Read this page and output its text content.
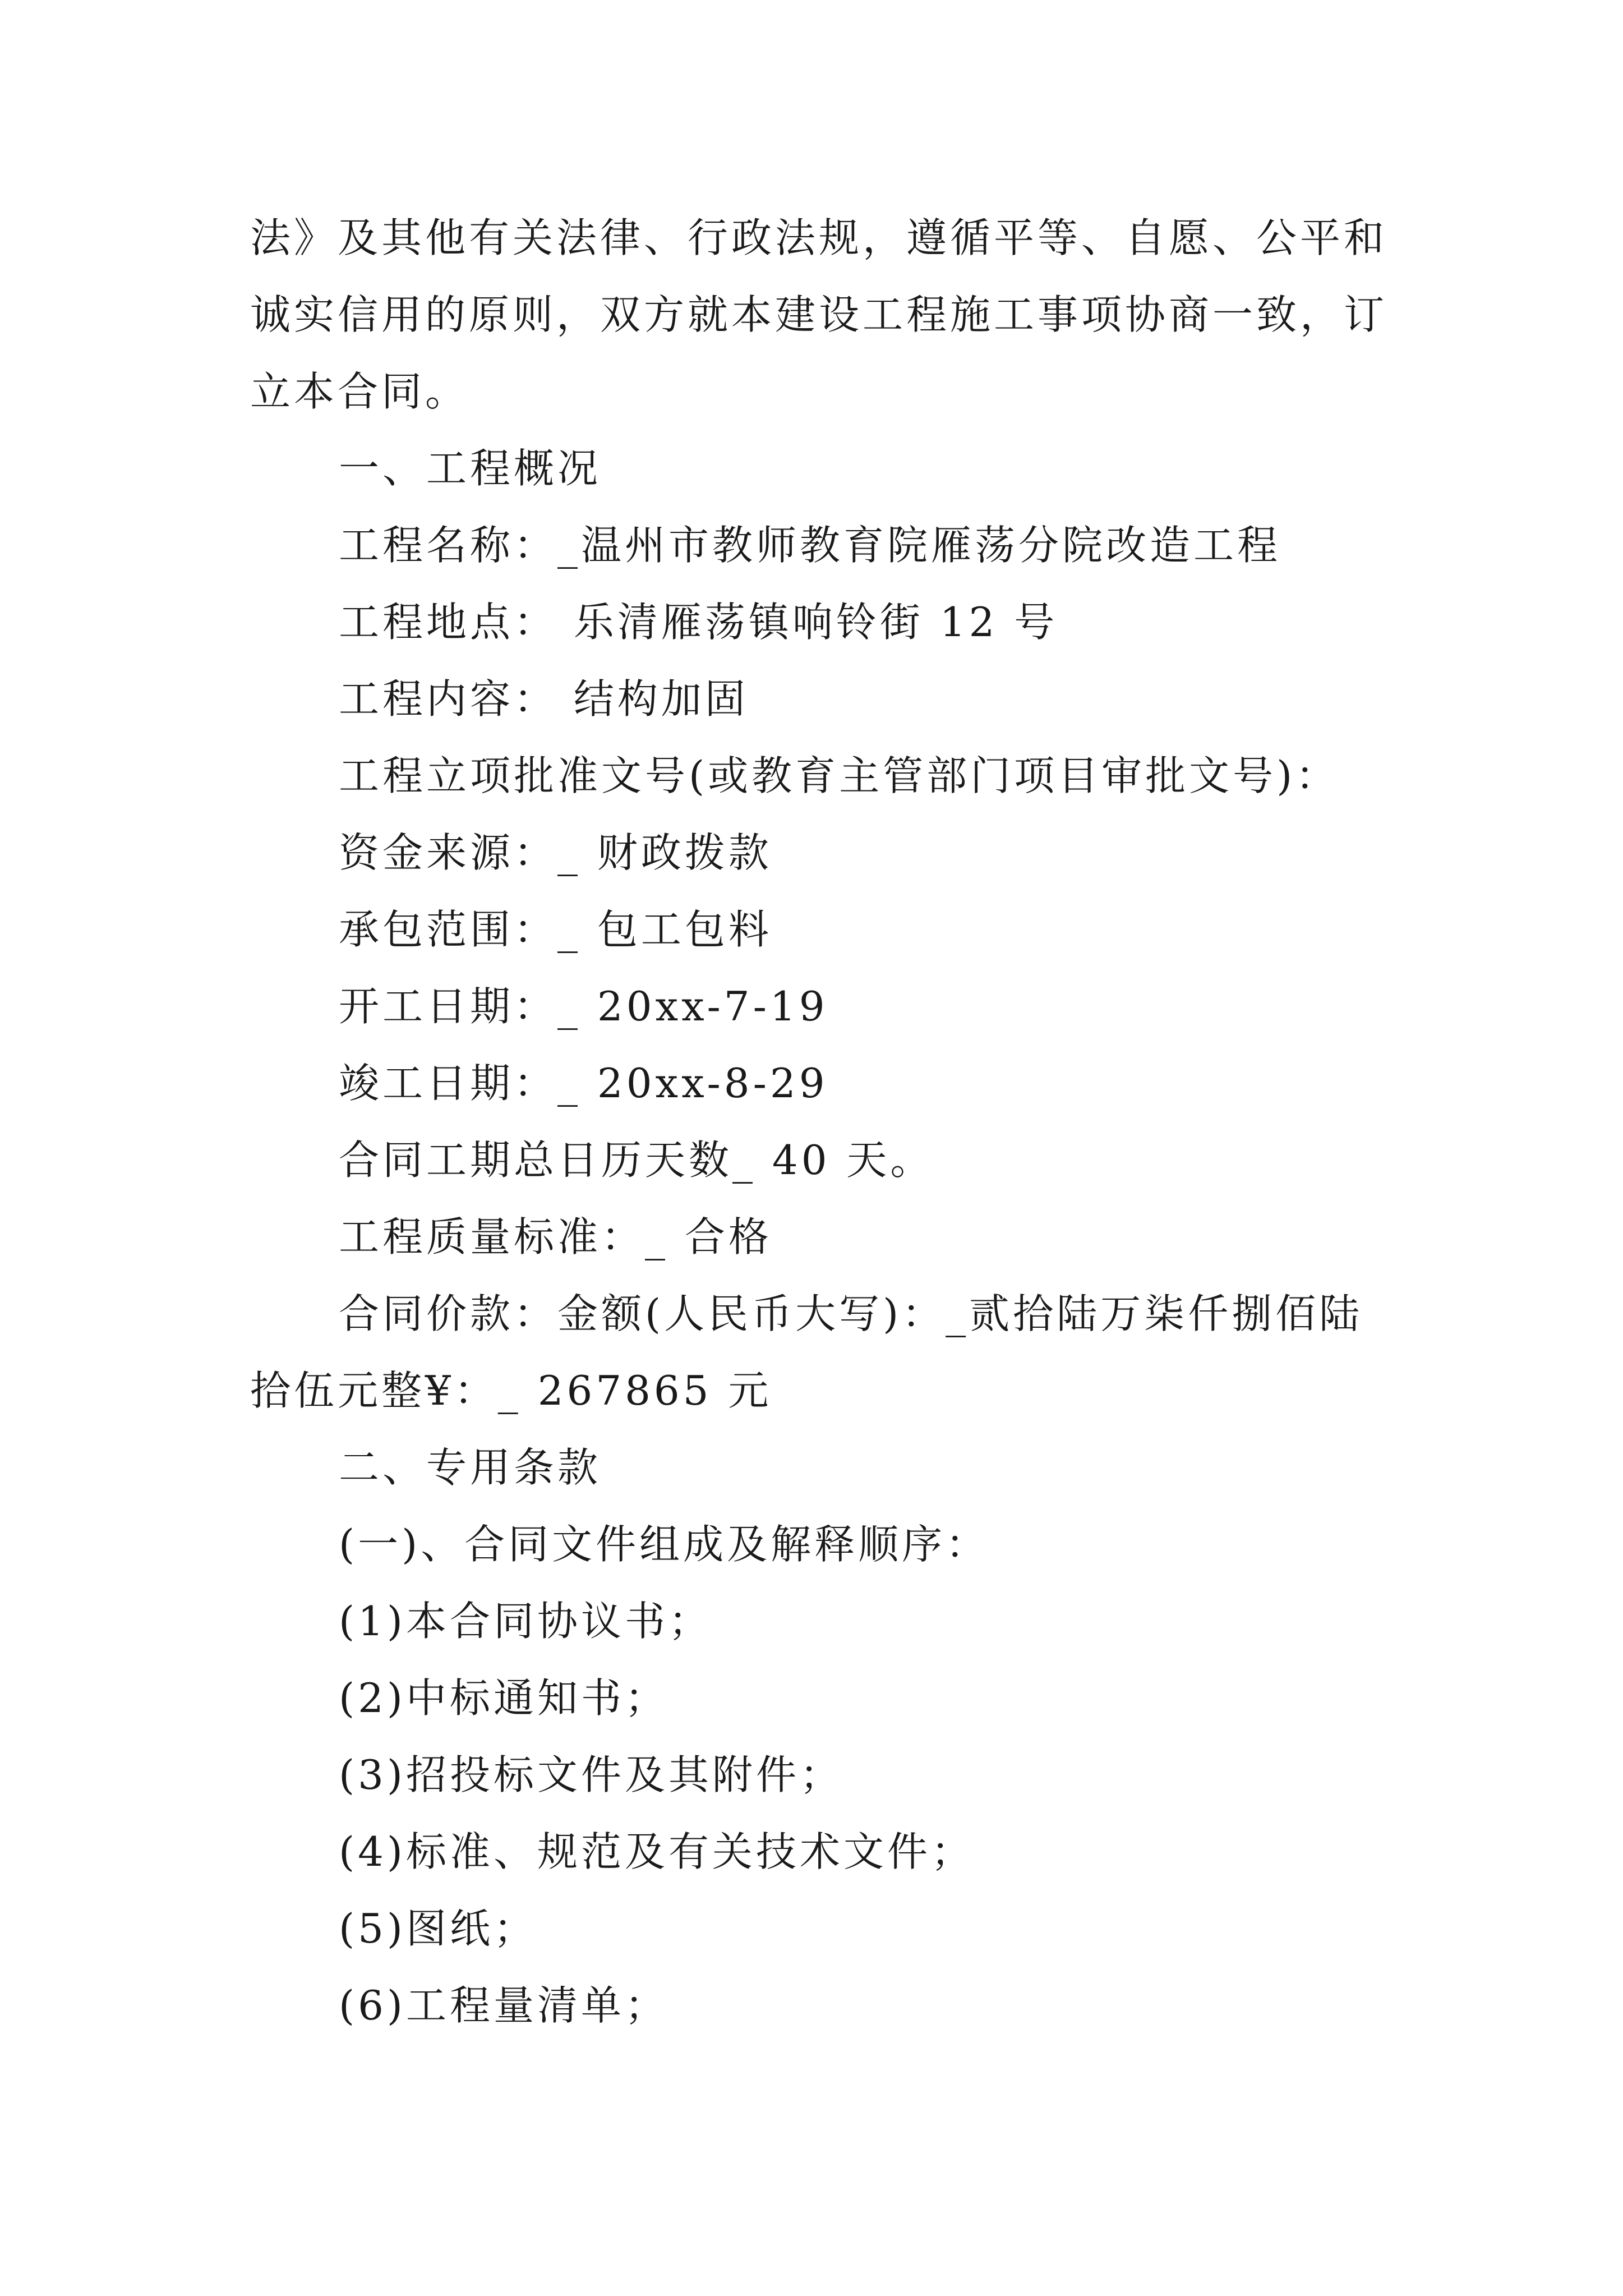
法》及其他有关法律、行政法规，遵循平等、自愿、公平和
诚实信用的原则，双方就本建设工程施工事项协商一致，订
立本合同。
一、工程概况
工程名称：_温州市教师教育院雁荡分院改造工程
工程地点： 乐清雁荡镇响铃街 12 号
工程内容： 结构加固
工程立项批准文号(或教育主管部门项目审批文号)：
资金来源：_ 财政拨款
承包范围：_ 包工包料
开工日期：_ 20xx-7-19
竣工日期：_ 20xx-8-29
合同工期总日历天数_ 40 天。
工程质量标准：_ 合格
合同价款：金额(人民币大写)：_贰拾陆万柒仟捌佰陆
拾伍元整¥：_ 267865 元
二、专用条款
(一)、合同文件组成及解释顺序：
(1)本合同协议书；
(2)中标通知书；
(3)招投标文件及其附件；
(4)标准、规范及有关技术文件；
(5)图纸；
(6)工程量清单；
